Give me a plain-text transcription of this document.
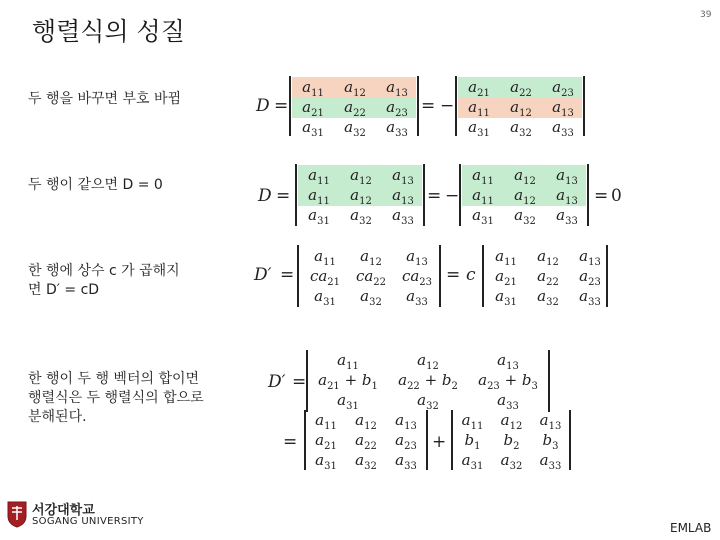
행렬식의 성질
39
두 행을 바꾸면 부호 바뀜
두 행이 같으면 D = 0
한 행에 상수 c 가 곱해지
면 D′ = cD
한 행이 두 행 벡터의 합이면
행렬식은 두 행렬식의 합으로
분해된다.
D =	= −
D =	= −	= 0
D′ =	= c
D′ =
=	+
서강대학교
SOGANG UNIVERSITY	EMLAB
$a_{11}$	$a_{12}$	$a_{13}$
$a_{21}$	$a_{22}$	$a_{23}$
$a_{31}$	$a_{32}$	$a_{33}$
$a_{21}$	$a_{22}$	$a_{23}$
$a_{11}$	$a_{12}$	$a_{13}$
$a_{31}$	$a_{32}$	$a_{33}$
$a_{11}$	$a_{12}$	$a_{13}$
$a_{11}$	$a_{12}$	$a_{13}$
$a_{31}$	$a_{32}$	$a_{33}$
$a_{11}$	$a_{12}$	$a_{13}$
$a_{11}$	$a_{12}$	$a_{13}$
$a_{31}$	$a_{32}$	$a_{33}$
$a_{11}$	$a_{12}$	$a_{13}$
$ca_{21}$	$ca_{22}$	$ca_{23}$
$a_{31}$	$a_{32}$	$a_{33}$
$a_{11}$	$a_{12}$	$a_{13}$
$a_{21}$	$a_{22}$	$a_{23}$
$a_{31}$	$a_{32}$	$a_{33}$
$a_{11}$	$a_{12}$	$a_{13}$
$a_{21} + b_1$	$a_{22} + b_2$	$a_{23} + b_3$
$a_{31}$	$a_{32}$	$a_{33}$
$a_{11}$	$a_{12}$	$a_{13}$
$a_{21}$	$a_{22}$	$a_{23}$
$a_{31}$	$a_{32}$	$a_{33}$
$a_{11}$	$a_{12}$	$a_{13}$
$b_1$	$b_2$	$b_3$
$a_{31}$	$a_{32}$	$a_{33}$
